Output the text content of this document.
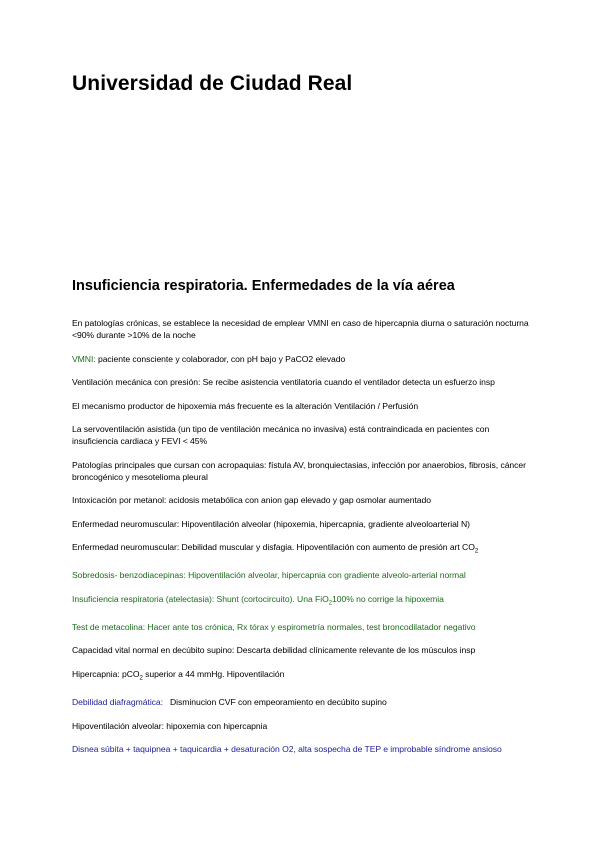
Universidad de Ciudad Real
Insuficiencia respiratoria. Enfermedades de la vía aérea

En patologías crónicas, se establece la necesidad de emplear VMNI en caso de hipercapnia diurna o saturación nocturna <90% durante >10% de la noche

VMNI: paciente consciente y colaborador, con pH bajo y PaCO2 elevado

Ventilación mecánica con presión: Se recibe asistencia ventilatoria cuando el ventilador detecta un esfuerzo insp

El mecanismo productor de hipoxemia más frecuente es la alteración Ventilación / Perfusión

La servoventilación asistida (un tipo de ventilación mecánica no invasiva) está contraindicada en pacientes con insuficiencia cardiaca y FEVI < 45%

Patologías principales que cursan con acropaquias: fístula AV, bronquiectasias, infección por anaerobios, fibrosis, cáncer broncogénico y mesotelioma pleural

Intoxicación por metanol: acidosis metabólica con anion gap elevado y gap osmolar aumentado

Enfermedad neuromuscular: Hipoventilación alveolar (hipoxemia, hipercapnia, gradiente alveoloarterial N)

Enfermedad neuromuscular: Debilidad muscular y disfagia. Hipoventilación con aumento de presión art $CO_2$

Sobredosis- benzodiacepinas: Hipoventilación alveolar, hipercapnia con gradiente alveolo-arterial normal

Insuficiencia respiratoria (atelectasia): Shunt (cortocircuito). Una FiO$_2$100% no corrige la hipoxemia

Test de metacolina: Hacer ante tos crónica, Rx tórax y espirometría normales, test broncodilatador negativo

Capacidad vital normal en decúbito supino: Descarta debilidad clínicamente relevante de los músculos insp

Hipercapnia: pCO$_2$ superior a 44 mmHg. Hipoventilación

Debilidad diafragmática:   Disminucion CVF con empeoramiento en decúbito supino

Hipoventilación alveolar: hipoxemia con hipercapnia

Disnea súbita + taquipnea + taquicardia + desaturación O2, alta sospecha de TEP e improbable síndrome ansioso
